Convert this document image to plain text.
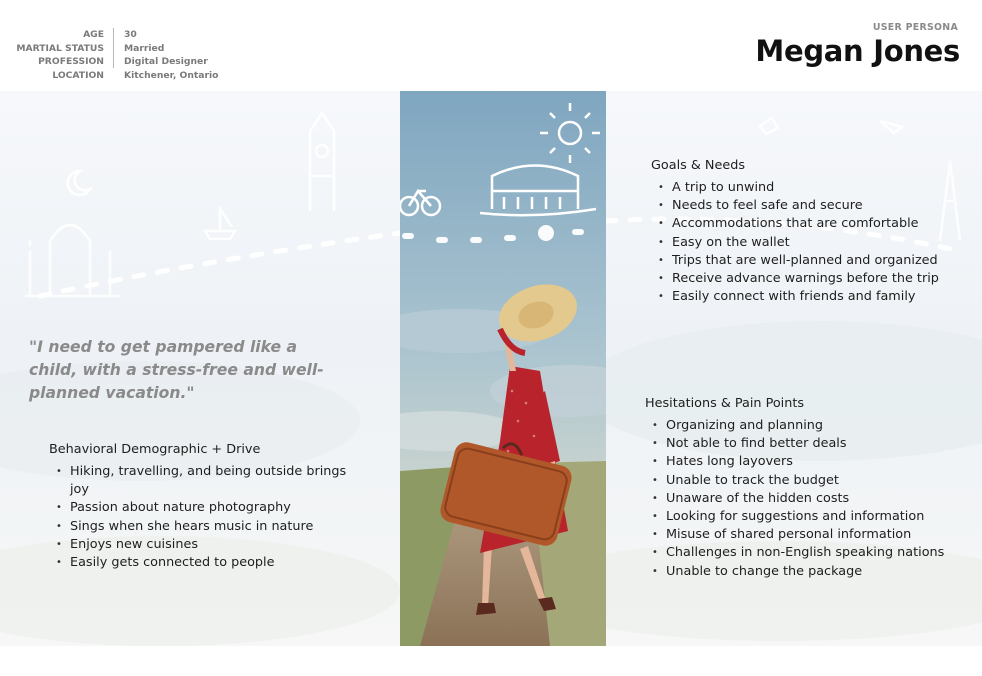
AGE
MARTIAL STATUS
PROFESSION
LOCATION
30
Married
Digital Designer
Kitchener, Ontario
USER PERSONA
Megan Jones
"I need to get pampered like a child, with a stress-free and well-planned vacation."
Behavioral Demographic + Drive
• Hiking, travelling, and being outside brings joy
• Passion about nature photography
• Sings when she hears music in nature
• Enjoys new cuisines
• Easily gets connected to people
Goals & Needs
• A trip to unwind
• Needs to feel safe and secure
• Accommodations that are comfortable
• Easy on the wallet
• Trips that are well-planned and organized
• Receive advance warnings before the trip
• Easily connect with friends and family
Hesitations & Pain Points
• Organizing and planning
• Not able to find better deals
• Hates long layovers
• Unable to track the budget
• Unaware of the hidden costs
• Looking for suggestions and information
• Misuse of shared personal information
• Challenges in non-English speaking nations
• Unable to change the package
